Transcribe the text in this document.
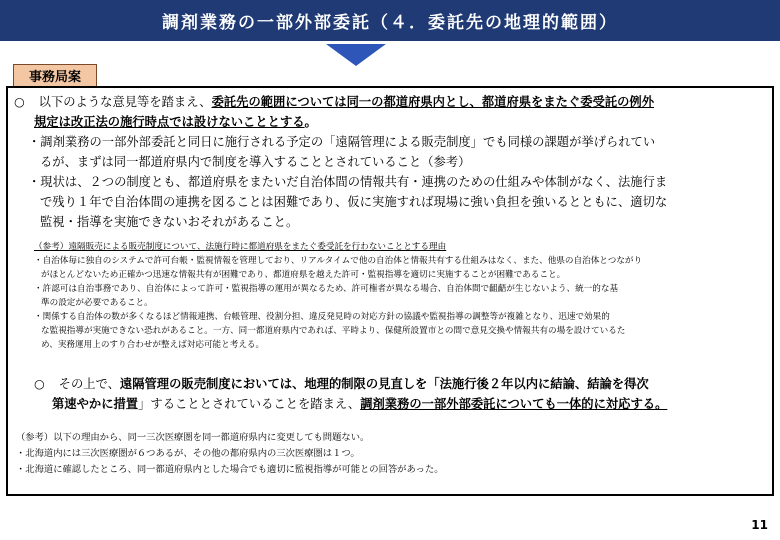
調剤業務の一部外部委託（４．委託先の地理的範囲）
事務局案
○ 以下のような意見等を踏まえ、委託先の範囲については同一の都道府県内とし、都道府県をまたぐ委受託の例外
規定は改正法の施行時点では設けないこととする。
・調剤業務の一部外部委託と同日に施行される予定の「遠隔管理による販売制度」でも同様の課題が挙げられてい
るが、まずは同一都道府県内で制度を導入することとされていること（参考）
・現状は、２つの制度とも、都道府県をまたいだ自治体間の情報共有・連携のための仕組みや体制がなく、法施行ま
で残り１年で自治体間の連携を図ることは困難であり、仮に実施すれば現場に強い負担を強いるとともに、適切な
監視・指導を実施できないおそれがあること。
（参考）遠隔販売による販売制度について、法施行時に都道府県をまたぐ委受託を行わないこととする理由
・自治体毎に独自のシステムで許可台帳・監視情報を管理しており、リアルタイムで他の自治体と情報共有する仕組みはなく、また、他県の自治体とつながり
がほとんどないため正確かつ迅速な情報共有が困難であり、都道府県を越えた許可・監視指導を適切に実施することが困難であること。
・許認可は自治事務であり、自治体によって許可・監視指導の運用が異なるため、許可権者が異なる場合、自治体間で齟齬が生じないよう、統一的な基
準の設定が必要であること。
・関係する自治体の数が多くなるほど情報連携、台帳管理、役割分担、違反発見時の対応方針の協議や監視指導の調整等が複雑となり、迅速で効果的
な監視指導が実施できない恐れがあること。一方、同一都道府県内であれば、平時より、保健所設置市との間で意見交換や情報共有の場を設けているた
め、実務運用上のすり合わせが整えば対応可能と考える。
○ その上で、遠隔管理の販売制度においては、地理的制限の見直しを「法施行後２年以内に結論、結論を得次
第速やかに措置」することとされていることを踏まえ、調剤業務の一部外部委託についても一体的に対応する。
（参考）以下の理由から、同一三次医療圏を同一都道府県内に変更しても問題ない。
・北海道内には三次医療圏が６つあるが、その他の都府県内の三次医療圏は１つ。
・北海道に確認したところ、同一都道府県内とした場合でも適切に監視指導が可能との回答があった。
11
